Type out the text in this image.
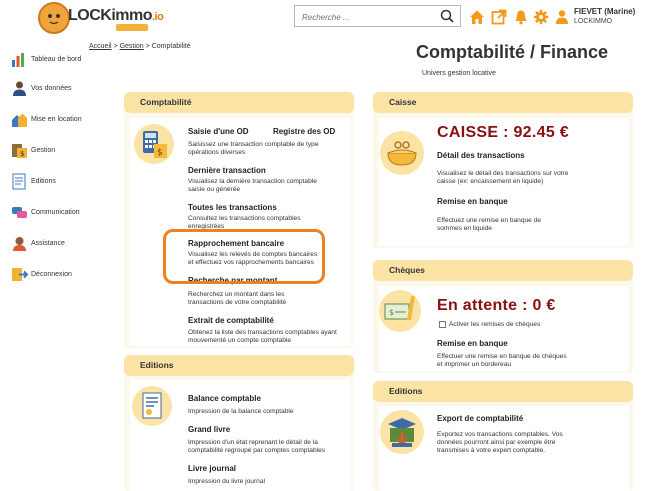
LOCKimmo.io
Recherche ...	FIEVET (Marine)
LOCKIMMO
Tableau de bord
Vos données
Mise en location
$ Gestion
Editions
Communication
Assistance
Déconnexion
Accueil > Gestion > Comptabilité	Comptabilité / Finance
Univers gestion locative
Comptabilité
$
Saisie d'une OD	Registre des OD
Saisissez une transaction comptable de type opérations diverses
Dernière transaction
Visualisez la dernière transaction comptable saisie ou générée
Toutes les transactions
Consultez les transactions comptables enregistrées
Rapprochement bancaire
Visualisez les relevés de comptes bancaires et effectuez vos rapprochements bancaires
Recherche par montant
Recherchez un montant dans les transactions de votre comptabilité
Extrait de comptabilité
Obtenez la liste des transactions comptables ayant mouvementé un compte comptable
Editions
Balance comptable
Impression de la balance comptable
Grand livre
Impression d'un état reprenant le détail de la comptabilité regroupé par comptes comptables
Livre journal
Impression du livre journal
Caisse
CAISSE : 92.45 €
Détail des transactions
Visualisez le détail des transactions sur votre caisse (ex: encaissement en liquide)
Remise en banque
Effectuez une remise en banque de sommes en liquide
Chèques
$	En attente : 0 €
Activer les remises de chèques
Remise en banque
Effectuer une remise en banque de chèques et imprimer un bordereau
Editions
Export de comptabilité
Exportez vos transactions comptables. Vos données pourront ainsi par exemple être transmises à votre expert comptable.
